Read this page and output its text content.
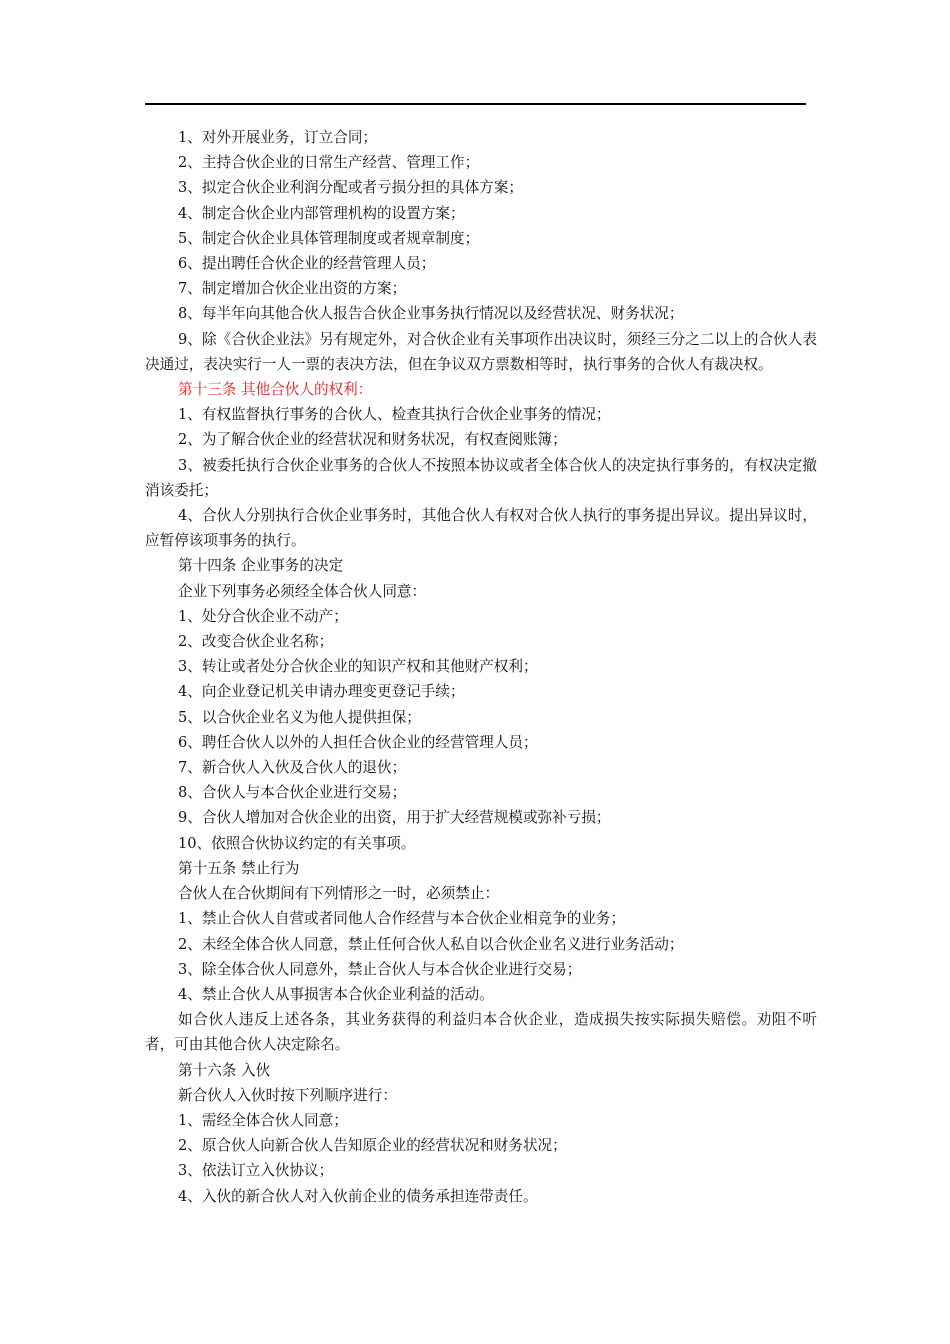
1、对外开展业务，订立合同；

2、主持合伙企业的日常生产经营、管理工作；

3、拟定合伙企业利润分配或者亏损分担的具体方案；

4、制定合伙企业内部管理机构的设置方案；

5、制定合伙企业具体管理制度或者规章制度；

6、提出聘任合伙企业的经营管理人员；

7、制定增加合伙企业出资的方案；

8、每半年向其他合伙人报告合伙企业事务执行情况以及经营状况、财务状况；

9、除《合伙企业法》另有规定外，对合伙企业有关事项作出决议时，须经三分之二以上的合伙人表决通过，表决实行一人一票的表决方法，但在争议双方票数相等时，执行事务的合伙人有裁决权。

第十三条 其他合伙人的权利：

1、有权监督执行事务的合伙人、检查其执行合伙企业事务的情况；

2、为了解合伙企业的经营状况和财务状况，有权查阅账簿；

3、被委托执行合伙企业事务的合伙人不按照本协议或者全体合伙人的决定执行事务的，有权决定撤消该委托；

4、合伙人分别执行合伙企业事务时，其他合伙人有权对合伙人执行的事务提出异议。提出异议时，应暂停该项事务的执行。

第十四条 企业事务的决定

企业下列事务必须经全体合伙人同意：

1、处分合伙企业不动产；

2、改变合伙企业名称；

3、转让或者处分合伙企业的知识产权和其他财产权利；

4、向企业登记机关申请办理变更登记手续；

5、以合伙企业名义为他人提供担保；

6、聘任合伙人以外的人担任合伙企业的经营管理人员；

7、新合伙人入伙及合伙人的退伙；

8、合伙人与本合伙企业进行交易；

9、合伙人增加对合伙企业的出资，用于扩大经营规模或弥补亏损；

10、依照合伙协议约定的有关事项。

第十五条 禁止行为

合伙人在合伙期间有下列情形之一时，必须禁止：

1、禁止合伙人自营或者同他人合作经营与本合伙企业相竞争的业务；

2、未经全体合伙人同意，禁止任何合伙人私自以合伙企业名义进行业务活动；

3、除全体合伙人同意外，禁止合伙人与本合伙企业进行交易；

4、禁止合伙人从事损害本合伙企业利益的活动。

如合伙人违反上述各条，其业务获得的利益归本合伙企业，造成损失按实际损失赔偿。劝阻不听者，可由其他合伙人决定除名。

第十六条 入伙

新合伙人入伙时按下列顺序进行：

1、需经全体合伙人同意；

2、原合伙人向新合伙人告知原企业的经营状况和财务状况；

3、依法订立入伙协议；

4、入伙的新合伙人对入伙前企业的债务承担连带责任。
